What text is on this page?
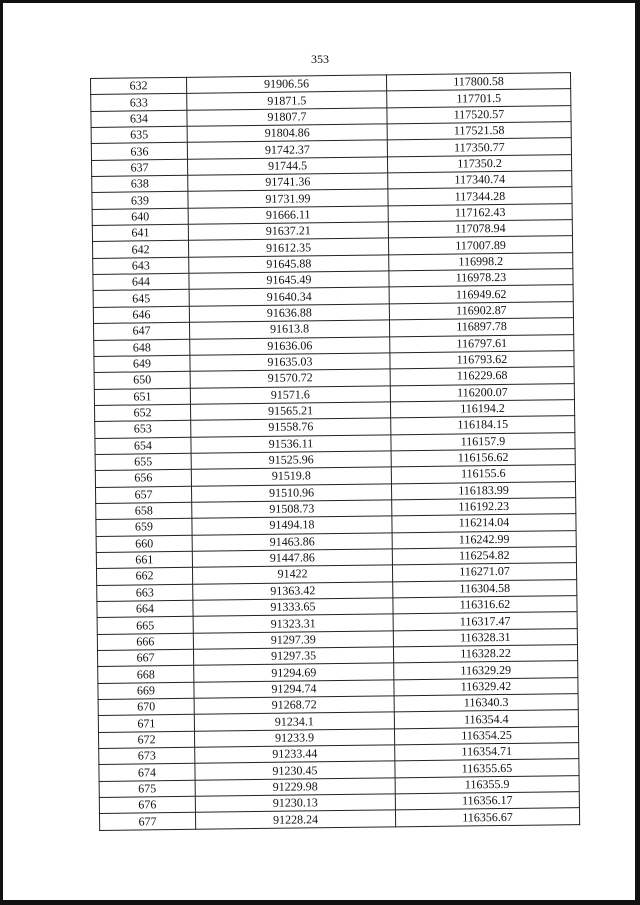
353
632	91906.56	117800.58
633	91871.5	117701.5
634	91807.7	117520.57
635	91804.86	117521.58
636	91742.37	117350.77
637	91744.5	117350.2
638	91741.36	117340.74
639	91731.99	117344.28
640	91666.11	117162.43
641	91637.21	117078.94
642	91612.35	117007.89
643	91645.88	116998.2
644	91645.49	116978.23
645	91640.34	116949.62
646	91636.88	116902.87
647	91613.8	116897.78
648	91636.06	116797.61
649	91635.03	116793.62
650	91570.72	116229.68
651	91571.6	116200.07
652	91565.21	116194.2
653	91558.76	116184.15
654	91536.11	116157.9
655	91525.96	116156.62
656	91519.8	116155.6
657	91510.96	116183.99
658	91508.73	116192.23
659	91494.18	116214.04
660	91463.86	116242.99
661	91447.86	116254.82
662	91422	116271.07
663	91363.42	116304.58
664	91333.65	116316.62
665	91323.31	116317.47
666	91297.39	116328.31
667	91297.35	116328.22
668	91294.69	116329.29
669	91294.74	116329.42
670	91268.72	116340.3
671	91234.1	116354.4
672	91233.9	116354.25
673	91233.44	116354.71
674	91230.45	116355.65
675	91229.98	116355.9
676	91230.13	116356.17
677	91228.24	116356.67
